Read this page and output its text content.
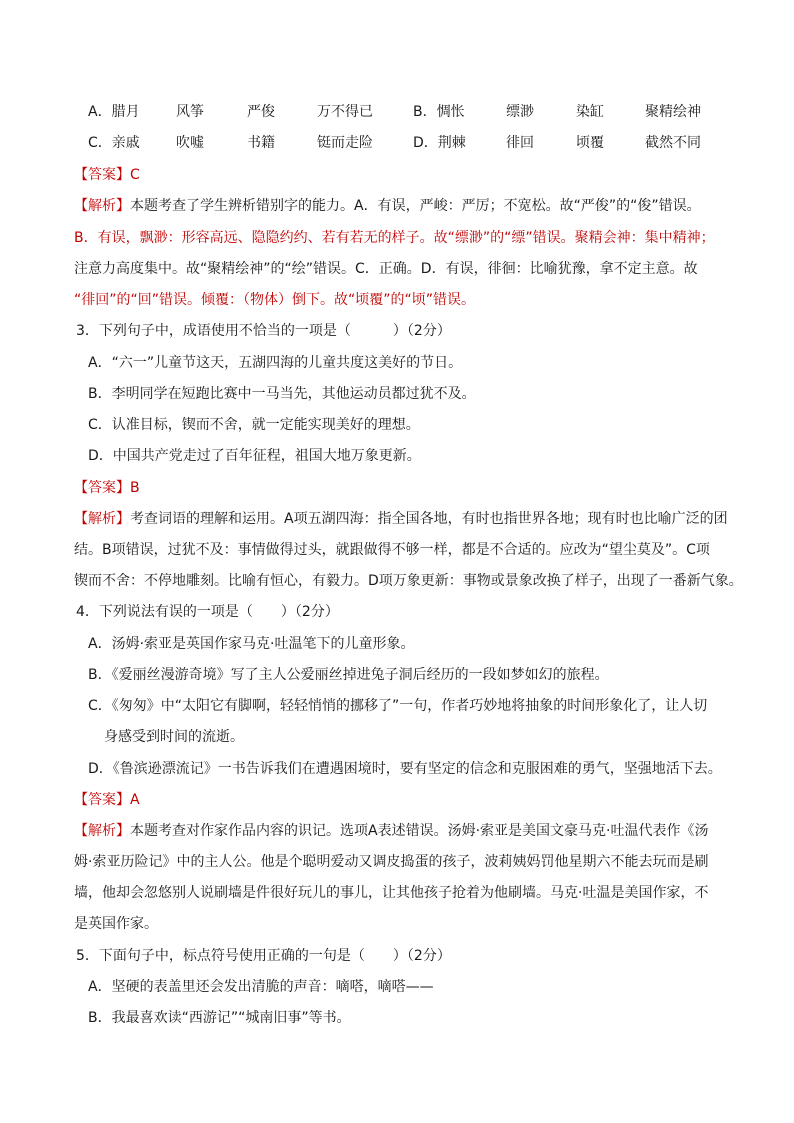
A．腊月	风筝	严俊	万不得已	B．惆怅	缥渺	染缸	聚精绘神
C．亲戚	吹嘘	书籍	铤而走险	D．荆棘	徘回	顷覆	截然不同
【答案】C
【解析】本题考查了学生辨析错别字的能力。A．有误，严峻：严厉；不宽松。故“严俊”的“俊”错误。
B．有误，飘渺：形容高远、隐隐约约、若有若无的样子。故“缥渺”的“缥”错误。聚精会神：集中精神；
注意力高度集中。故“聚精绘神”的“绘”错误。C．正确。D．有误，徘徊：比喻犹豫，拿不定主意。故
“徘回”的“回”错误。倾覆：（物体）倒下。故“顷覆”的“顷”错误。
3．下列句子中，成语使用不恰当的一项是（　　　）（2分）
A．“六一”儿童节这天，五湖四海的儿童共度这美好的节日。
B．李明同学在短跑比赛中一马当先，其他运动员都过犹不及。
C．认准目标，锲而不舍，就一定能实现美好的理想。
D．中国共产党走过了百年征程，祖国大地万象更新。
【答案】B
【解析】考查词语的理解和运用。A项五湖四海：指全国各地，有时也指世界各地；现有时也比喻广泛的团
结。B项错误，过犹不及：事情做得过头，就跟做得不够一样，都是不合适的。应改为“望尘莫及”。C项
锲而不舍：不停地雕刻。比喻有恒心，有毅力。D项万象更新：事物或景象改换了样子，出现了一番新气象。
4．下列说法有误的一项是（　　）（2分）
A．汤姆·索亚是英国作家马克·吐温笔下的儿童形象。
B．《爱丽丝漫游奇境》写了主人公爱丽丝掉进兔子洞后经历的一段如梦如幻的旅程。
C．《匆匆》中“太阳它有脚啊，轻轻悄悄的挪移了”一句，作者巧妙地将抽象的时间形象化了，让人切
身感受到时间的流逝。
D．《鲁滨逊漂流记》一书告诉我们在遭遇困境时，要有坚定的信念和克服困难的勇气，坚强地活下去。
【答案】A
【解析】本题考查对作家作品内容的识记。选项A表述错误。汤姆·索亚是美国文豪马克·吐温代表作《汤
姆·索亚历险记》中的主人公。他是个聪明爱动又调皮捣蛋的孩子，波莉姨妈罚他星期六不能去玩而是刷
墙，他却会忽悠别人说刷墙是件很好玩儿的事儿，让其他孩子抢着为他刷墙。马克·吐温是美国作家，不
是英国作家。
5．下面句子中，标点符号使用正确的一句是（　　）（2分）
A．坚硬的表盖里还会发出清脆的声音：嘀嗒，嘀嗒——
B．我最喜欢读“西游记”“城南旧事”等书。
